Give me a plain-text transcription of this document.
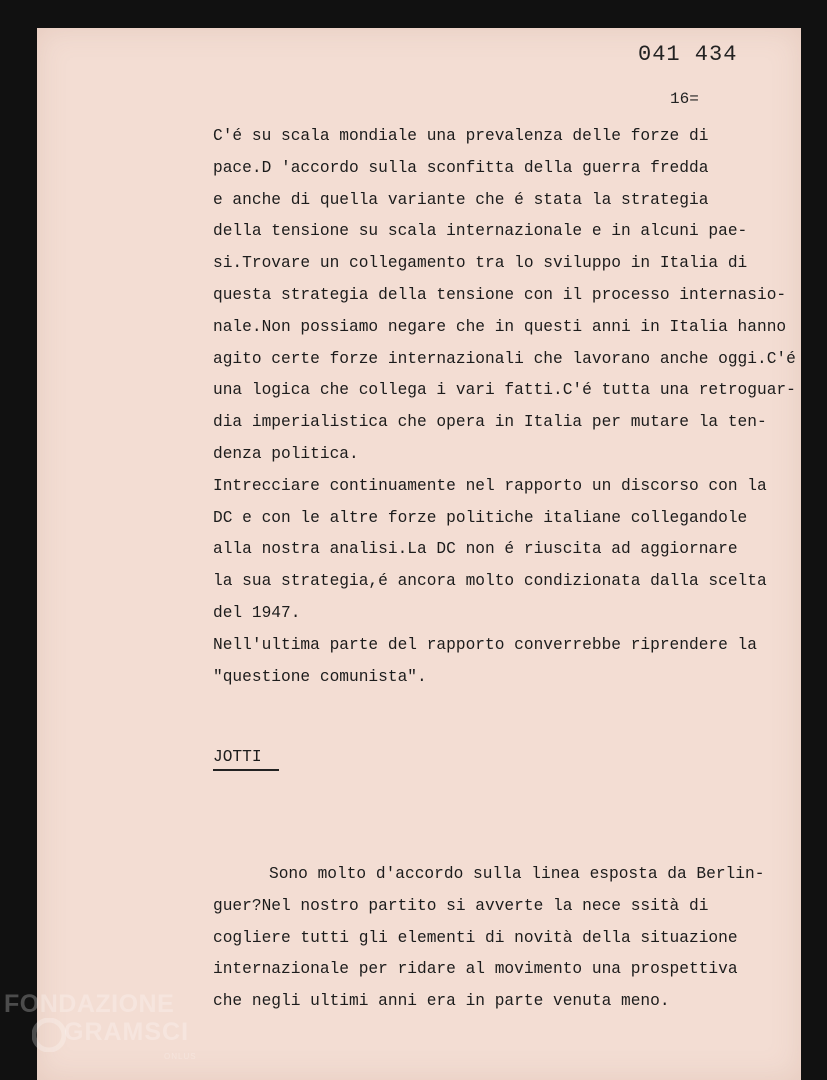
041 434
16=
C'é su scala mondiale una prevalenza delle forze di
pace.D 'accordo sulla sconfitta della guerra fredda
e anche di quella variante che é stata la strategia
della tensione su scala internazionale e in alcuni pae-
si.Trovare un collegamento tra lo sviluppo in Italia di
questa strategia della tensione con il processo internasio-
nale.Non possiamo negare che in questi anni in Italia hanno
agito certe forze internazionali che lavorano anche oggi.C'é
una logica che collega i vari fatti.C'é tutta una retroguar-
dia imperialistica che opera in Italia per mutare la ten-
denza politica.
Intrecciare continuamente nel rapporto un discorso con la
DC e con le altre forze politiche italiane collegandole
alla nostra analisi.La DC non é riuscita ad aggiornare
la sua strategia,é ancora molto condizionata dalla scelta
del 1947.
Nell'ultima parte del rapporto converrebbe riprendere la
"questione comunista".
JOTTI
Sono molto d'accordo sulla linea esposta da Berlin-
guer?Nel nostro partito si avverte la nece ssità di
cogliere tutti gli elementi di novità della situazione
internazionale per ridare al movimento una prospettiva
che negli ultimi anni era in parte venuta meno.
FONDAZIONE
GRAMSCI
ONLUS
